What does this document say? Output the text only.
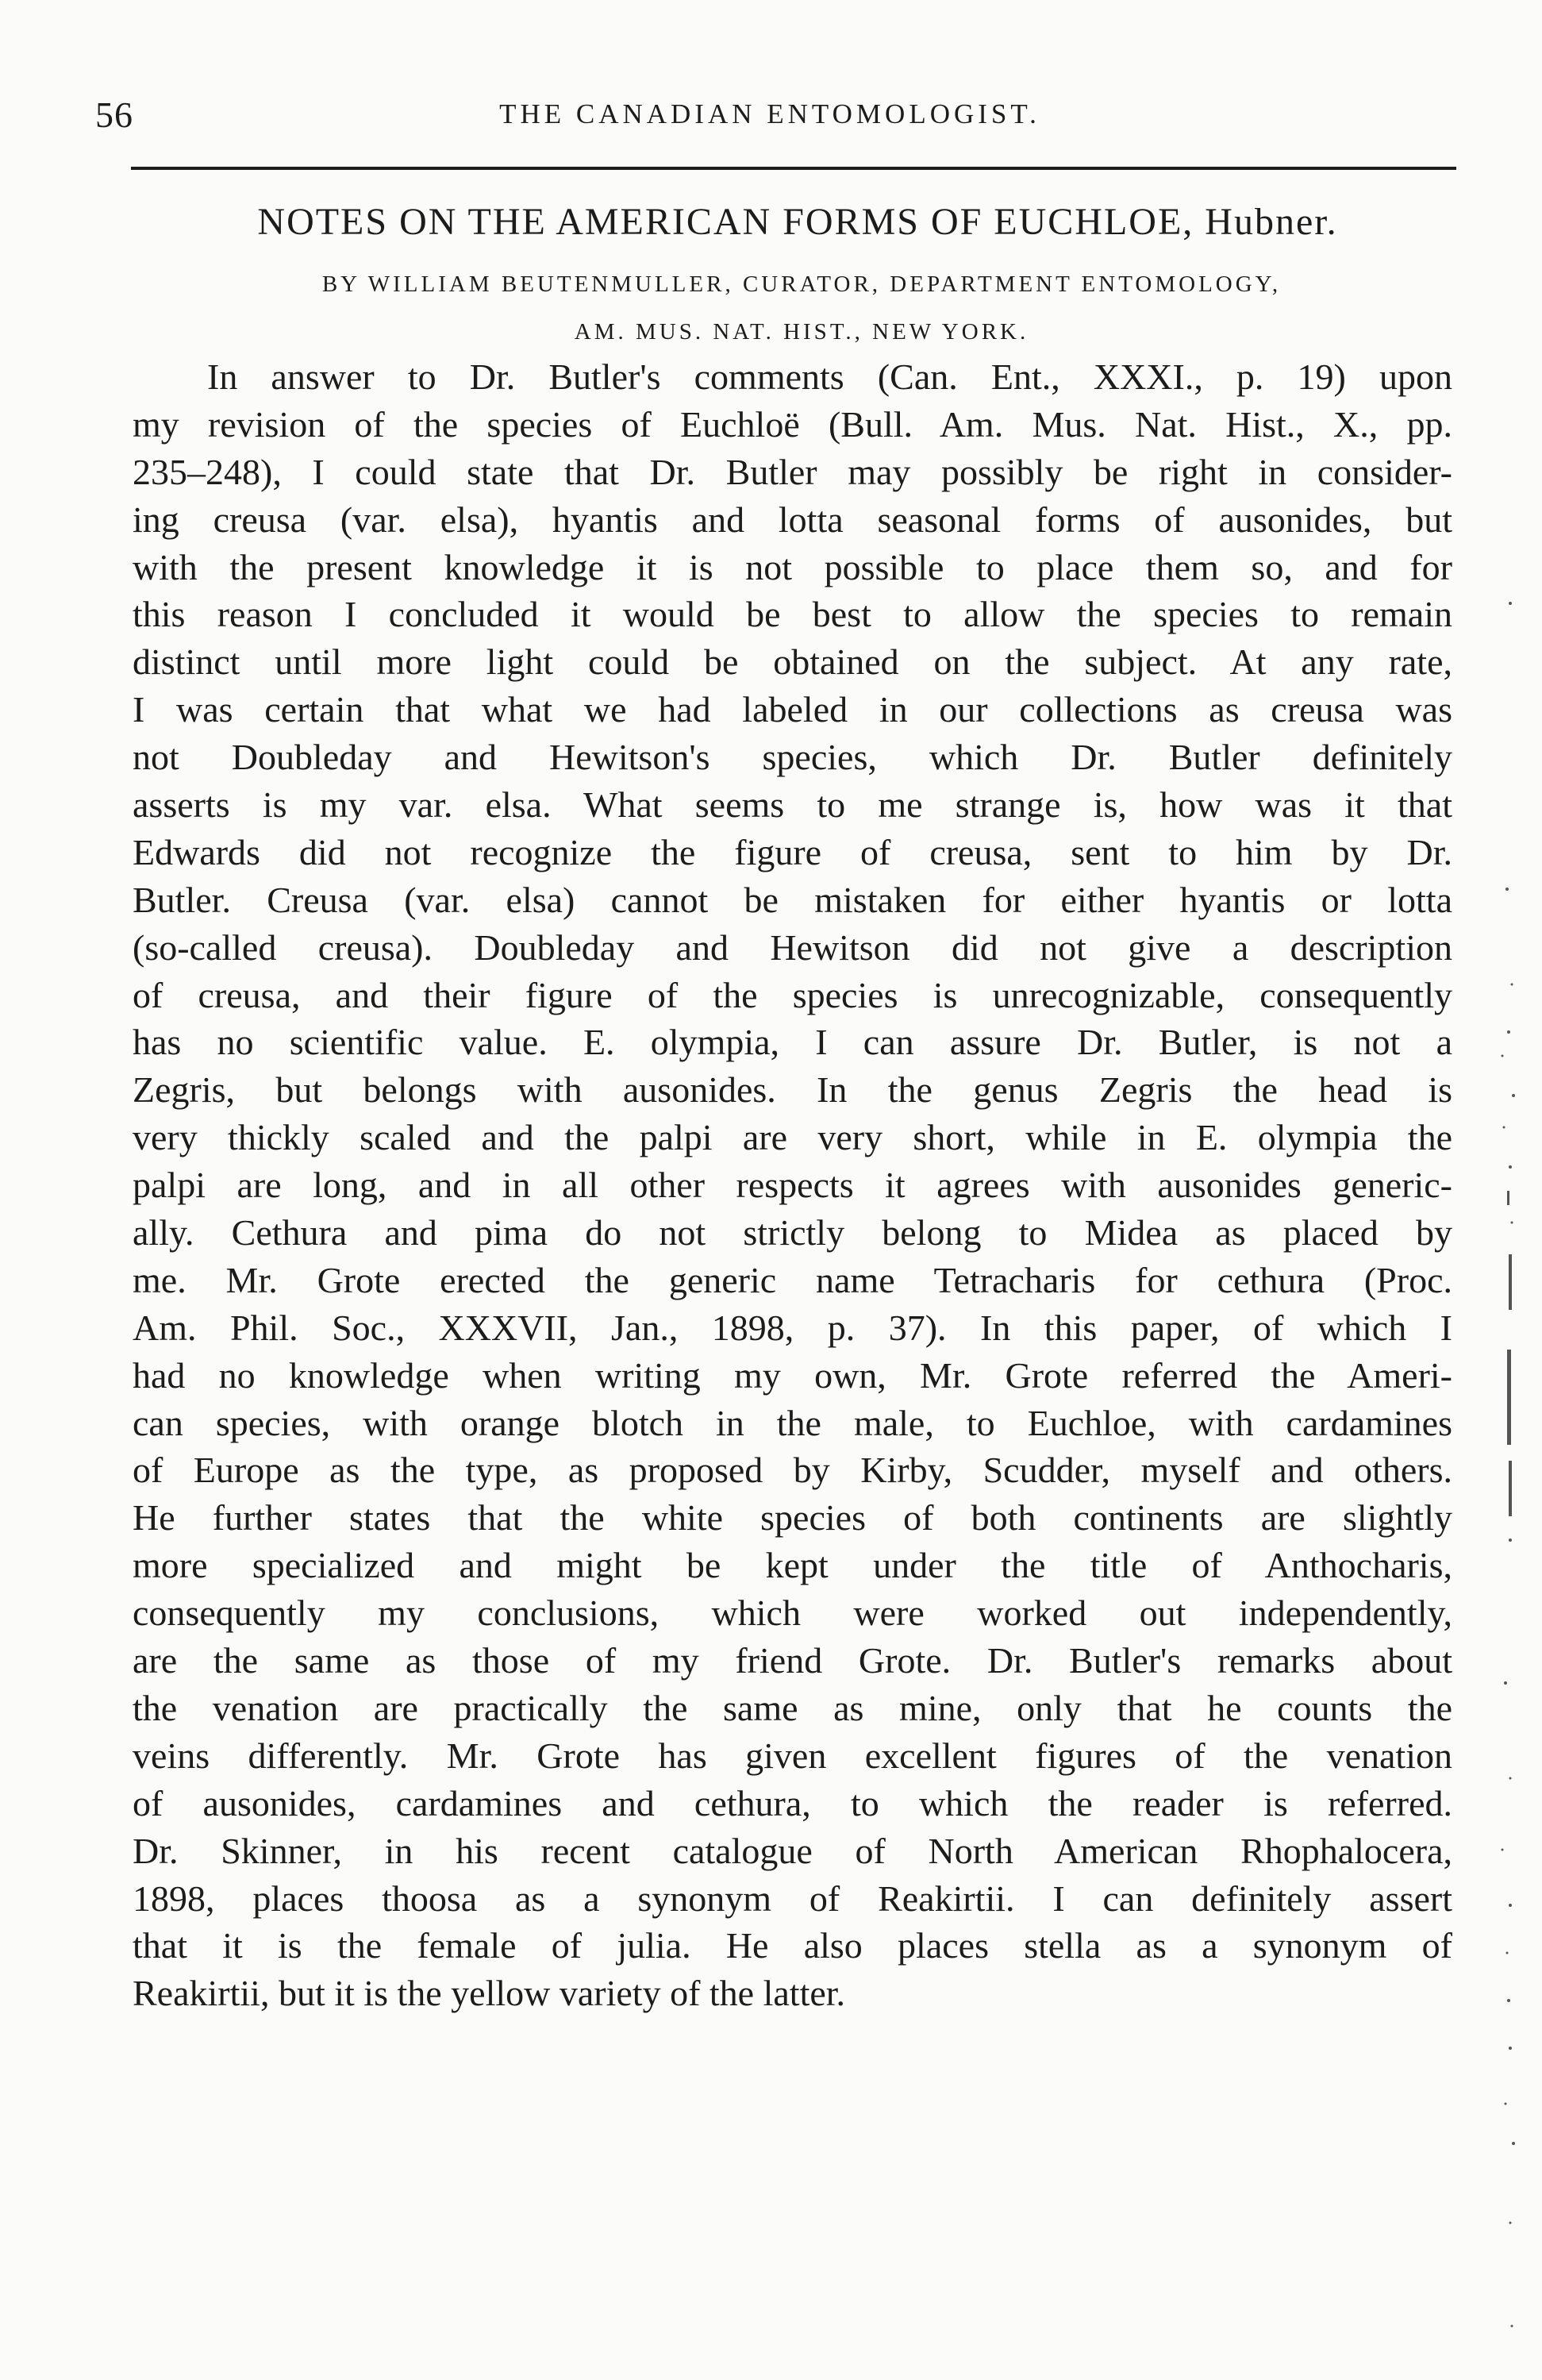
56	THE CANADIAN ENTOMOLOGIST.
NOTES ON THE AMERICAN FORMS OF EUCHLOE, Hubner.
BY WILLIAM BEUTENMULLER, CURATOR, DEPARTMENT ENTOMOLOGY,
AM. MUS. NAT. HIST., NEW YORK.
In answer to Dr. Butler's comments (Can. Ent., XXXI., p. 19) upon
my revision of the species of Euchloë (Bull. Am. Mus. Nat. Hist., X., pp.
235–248), I could state that Dr. Butler may possibly be right in consider-
ing creusa (var. elsa), hyantis and lotta seasonal forms of ausonides, but
with the present knowledge it is not possible to place them so, and for
this reason I concluded it would be best to allow the species to remain
distinct until more light could be obtained on the subject. At any rate,
I was certain that what we had labeled in our collections as creusa was
not Doubleday and Hewitson's species, which Dr. Butler definitely
asserts is my var. elsa. What seems to me strange is, how was it that
Edwards did not recognize the figure of creusa, sent to him by Dr.
Butler. Creusa (var. elsa) cannot be mistaken for either hyantis or lotta
(so-called creusa). Doubleday and Hewitson did not give a description
of creusa, and their figure of the species is unrecognizable, consequently
has no scientific value. E. olympia, I can assure Dr. Butler, is not a
Zegris, but belongs with ausonides. In the genus Zegris the head is
very thickly scaled and the palpi are very short, while in E. olympia the
palpi are long, and in all other respects it agrees with ausonides generic-
ally. Cethura and pima do not strictly belong to Midea as placed by
me. Mr. Grote erected the generic name Tetracharis for cethura (Proc.
Am. Phil. Soc., XXXVII, Jan., 1898, p. 37). In this paper, of which I
had no knowledge when writing my own, Mr. Grote referred the Ameri-
can species, with orange blotch in the male, to Euchloe, with cardamines
of Europe as the type, as proposed by Kirby, Scudder, myself and others.
He further states that the white species of both continents are slightly
more specialized and might be kept under the title of Anthocharis,
consequently my conclusions, which were worked out independently,
are the same as those of my friend Grote. Dr. Butler's remarks about
the venation are practically the same as mine, only that he counts the
veins differently. Mr. Grote has given excellent figures of the venation
of ausonides, cardamines and cethura, to which the reader is referred.
Dr. Skinner, in his recent catalogue of North American Rhophalocera,
1898, places thoosa as a synonym of Reakirtii. I can definitely assert
that it is the female of julia. He also places stella as a synonym of
Reakirtii, but it is the yellow variety of the latter.
